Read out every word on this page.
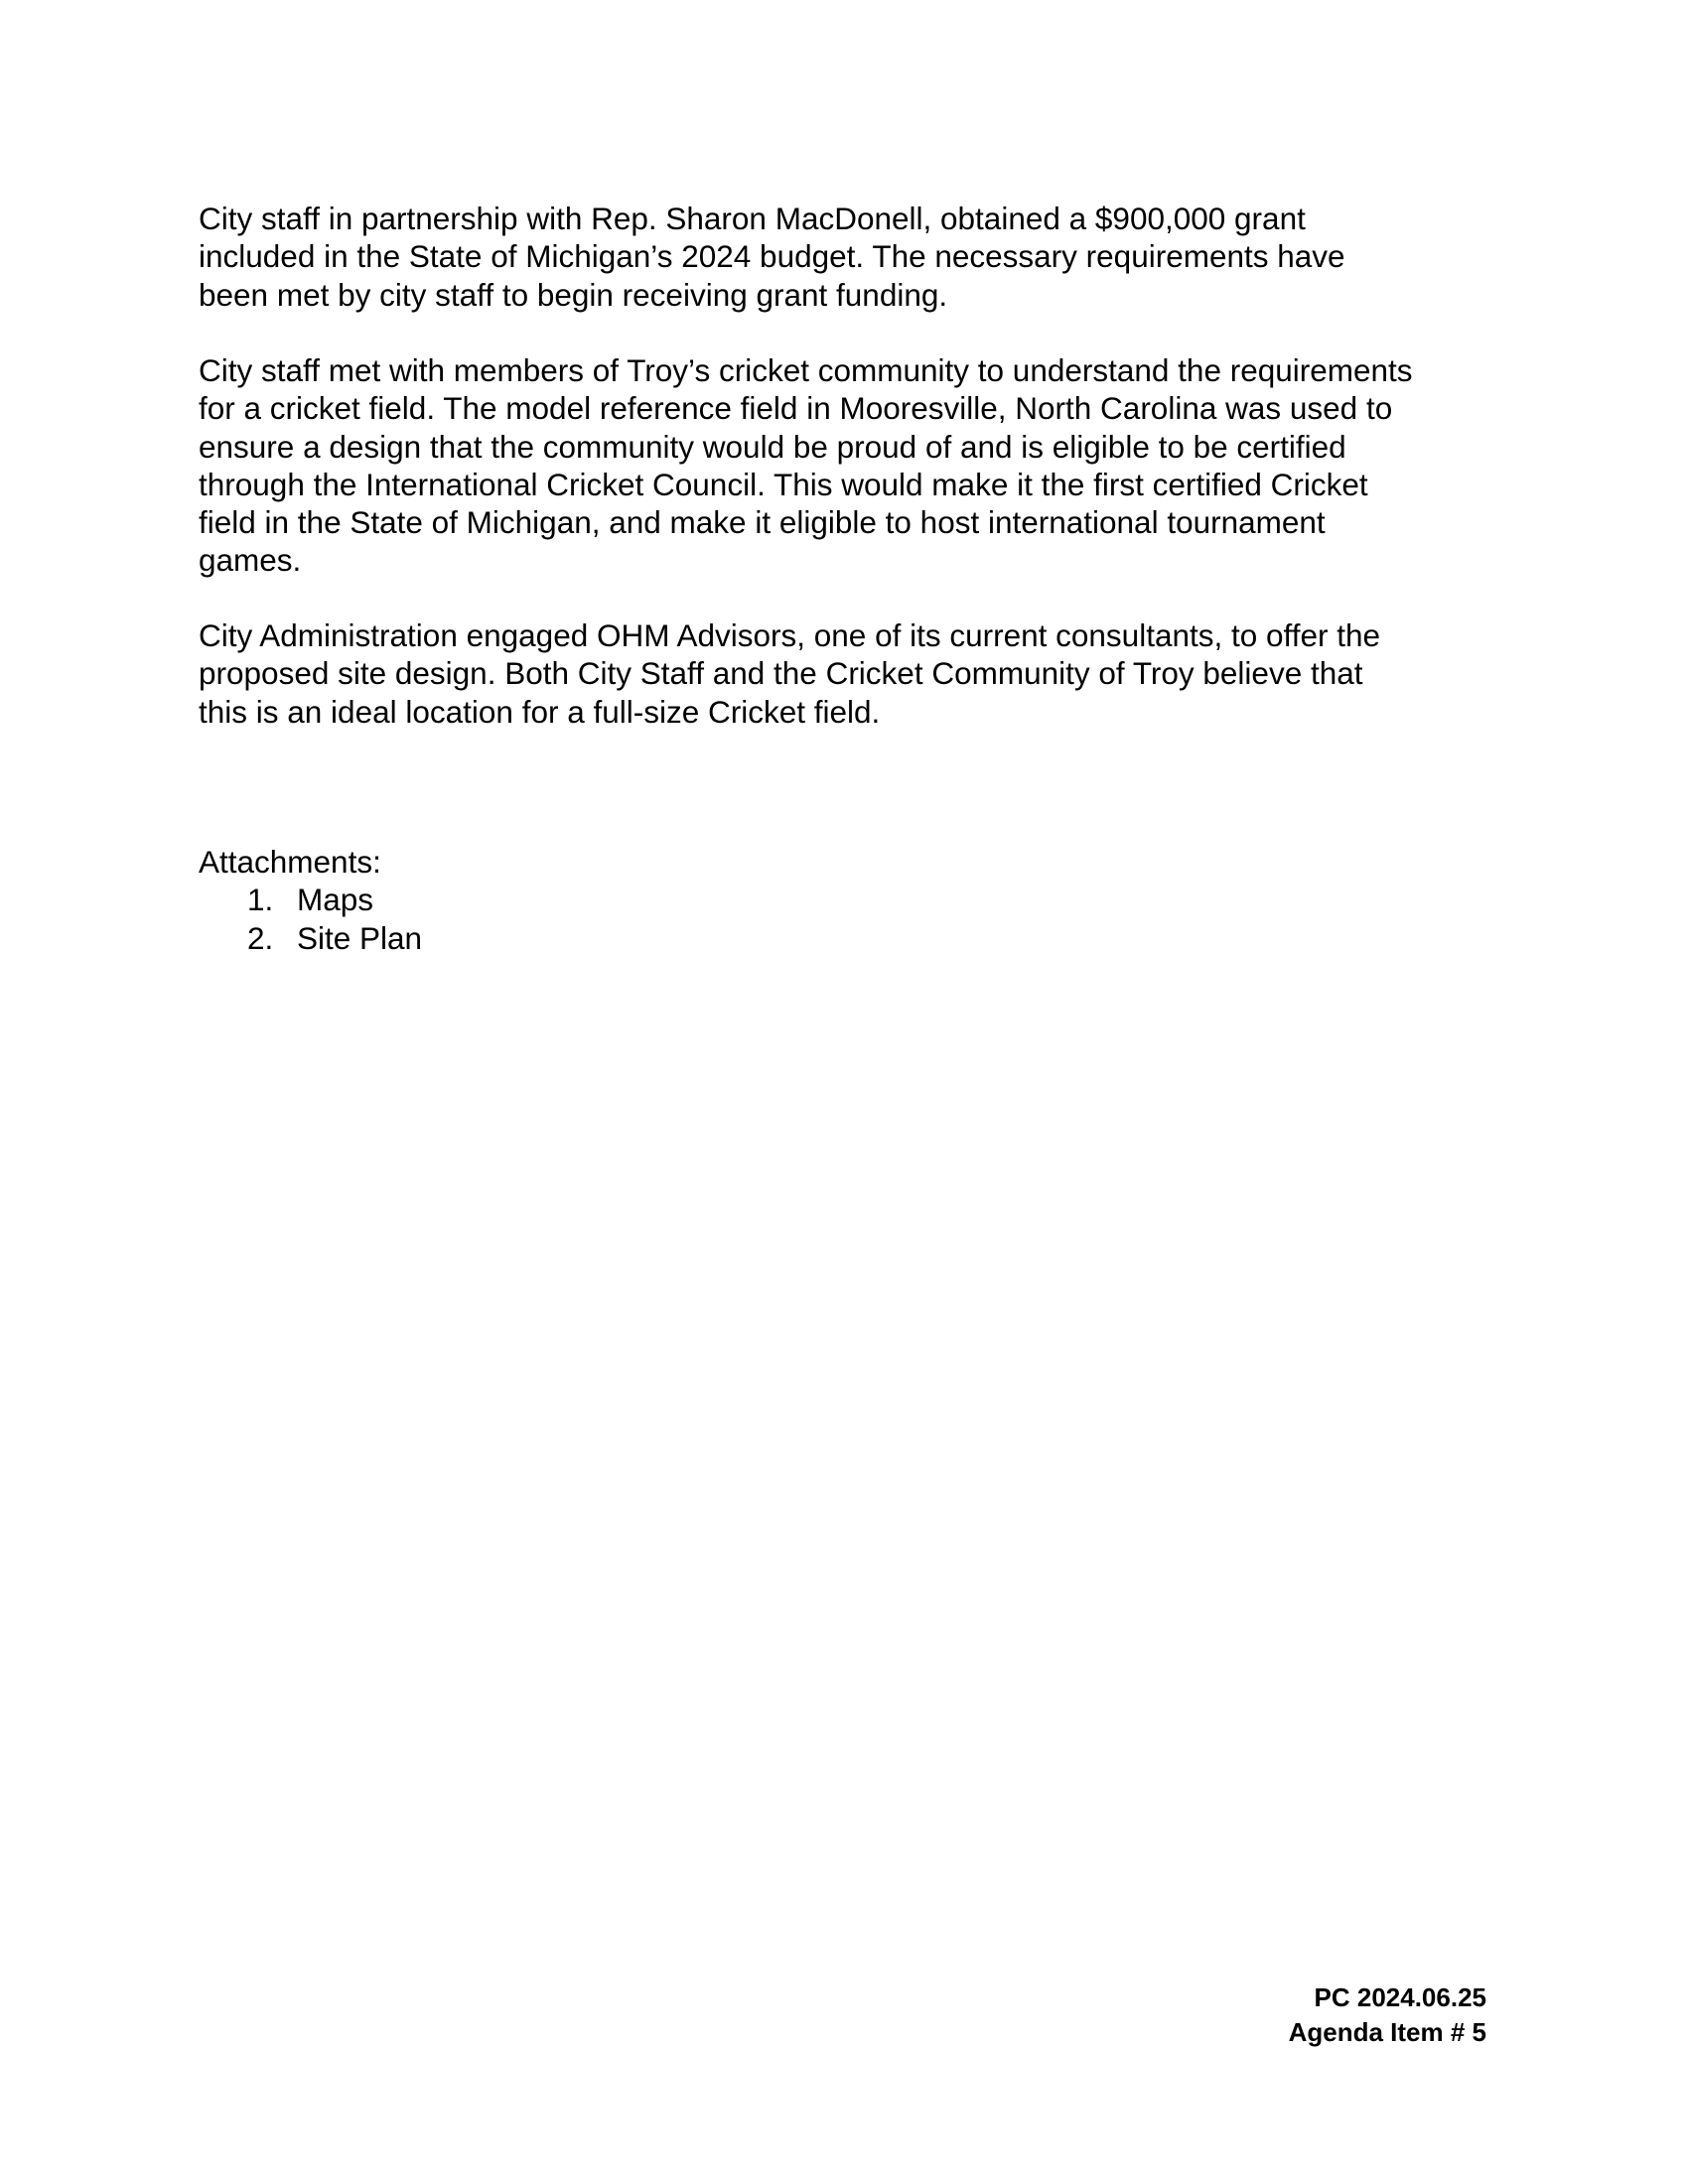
City staff in partnership with Rep. Sharon MacDonell, obtained a $900,000 grant
included in the State of Michigan’s 2024 budget. The necessary requirements have
been met by city staff to begin receiving grant funding.

City staff met with members of Troy’s cricket community to understand the requirements
for a cricket field. The model reference field in Mooresville, North Carolina was used to
ensure a design that the community would be proud of and is eligible to be certified
through the International Cricket Council. This would make it the first certified Cricket
field in the State of Michigan, and make it eligible to host international tournament
games.

City Administration engaged OHM Advisors, one of its current consultants, to offer the
proposed site design. Both City Staff and the Cricket Community of Troy believe that
this is an ideal location for a full-size Cricket field.

Attachments:

1. Maps
2. Site Plan
PC 2024.06.25
Agenda Item # 5
